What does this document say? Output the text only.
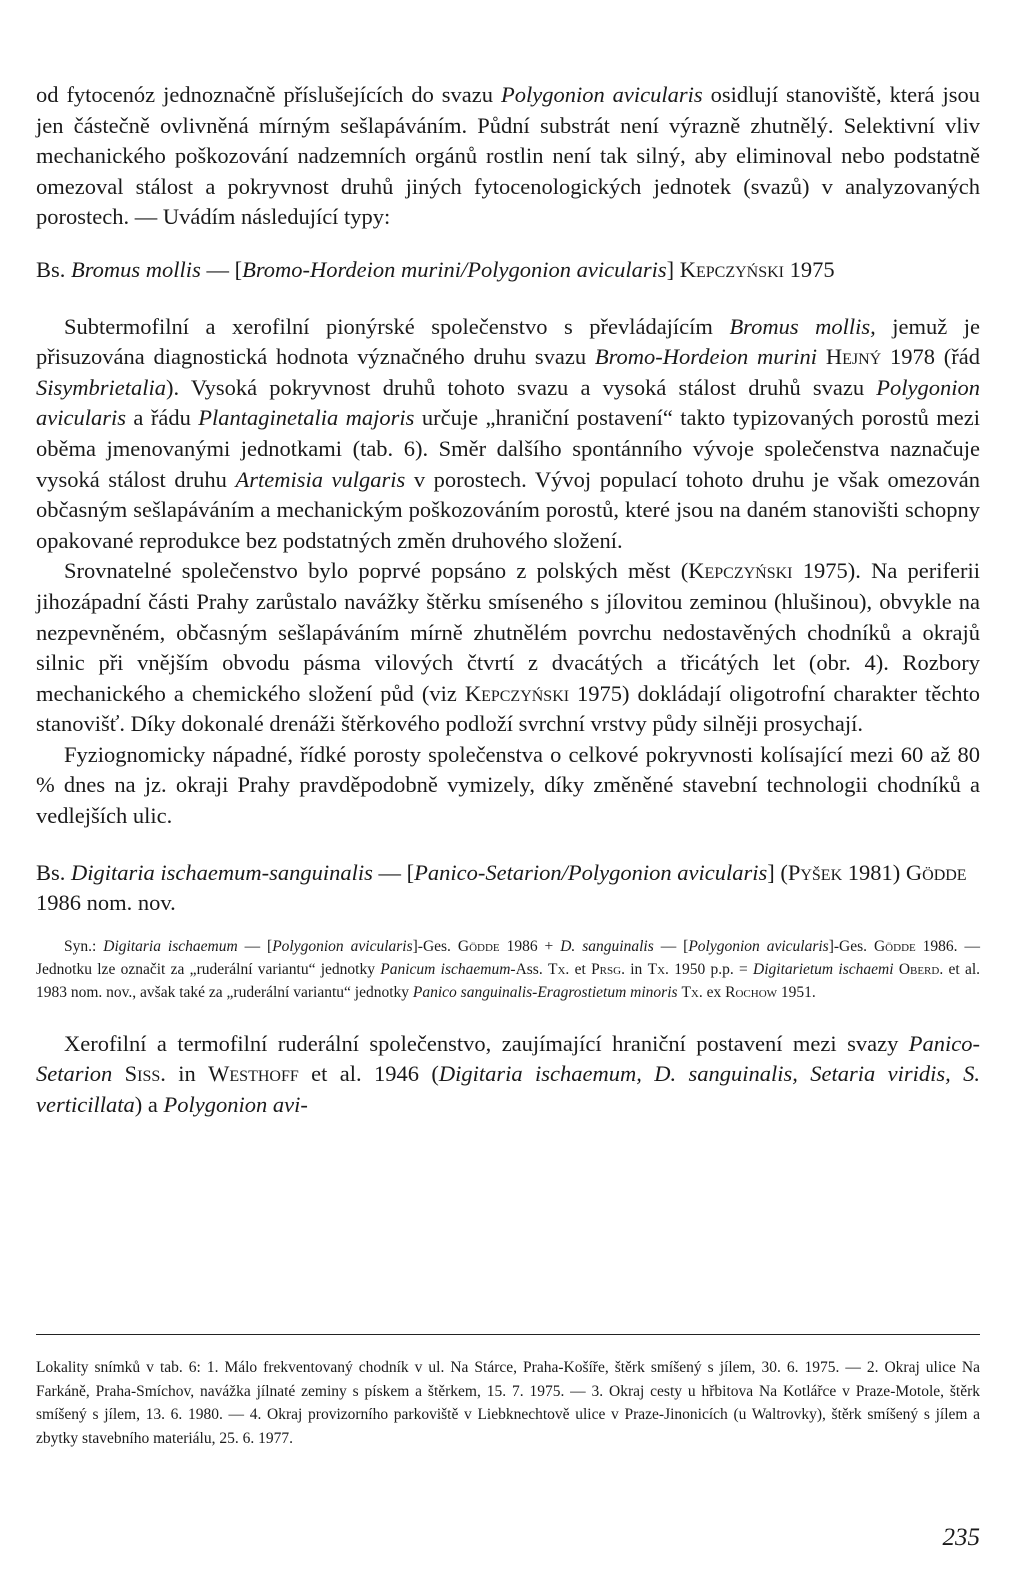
od fytocenóz jednoznačně příslušejících do svazu Polygonion avicularis osidlují stanoviště, která jsou jen částečně ovlivněná mírným sešlapáváním. Půdní substrát není výrazně zhutnělý. Selektivní vliv mechanického poškozování nadzemních orgánů rostlin není tak silný, aby eliminoval nebo podstatně omezoval stálost a pokryvnost druhů jiných fytocenologických jednotek (svazů) v analyzovaných porostech. — Uvádím následující typy:

Bs. Bromus mollis — [Bromo-Hordeion murini/Polygonion avicularis] Kepczyński 1975

Subtermofilní a xerofilní pionýrské společenstvo s převládajícím Bromus mollis, jemuž je přisuzována diagnostická hodnota význačného druhu svazu Bromo-Hordeion murini Hejný 1978 (řád Sisymbrietalia). Vysoká pokryvnost druhů tohoto svazu a vysoká stálost druhů svazu Polygonion avicularis a řádu Plantaginetalia majoris určuje „hraniční postavení“ takto typizovaných porostů mezi oběma jmenovanými jednotkami (tab. 6). Směr dalšího spontánního vývoje společenstva naznačuje vysoká stálost druhu Artemisia vulgaris v porostech. Vývoj populací tohoto druhu je však omezován občasným sešlapáváním a mechanickým poškozováním porostů, které jsou na daném stanovišti schopny opakované reprodukce bez podstatných změn druhového složení.

Srovnatelné společenstvo bylo poprvé popsáno z polských měst (Kepczyński 1975). Na periferii jihozápadní části Prahy zarůstalo navážky štěrku smíseného s jílovitou zeminou (hlušinou), obvykle na nezpevněném, občasným sešlapáváním mírně zhutnělém povrchu nedostavěných chodníků a okrajů silnic při vnějším obvodu pásma vilových čtvrtí z dvacátých a třicátých let (obr. 4). Rozbory mechanického a chemického složení půd (viz Kepczyński 1975) dokládají oligotrofní charakter těchto stanovišť. Díky dokonalé drenáži štěrkového podloží svrchní vrstvy půdy silněji prosychají.

Fyziognomicky nápadné, řídké porosty společenstva o celkové pokryvnosti kolísající mezi 60 až 80 % dnes na jz. okraji Prahy pravděpodobně vymizely, díky změněné stavební technologii chodníků a vedlejších ulic.

Bs. Digitaria ischaemum-sanguinalis — [Panico-Setarion/Polygonion avicularis] (Pyšek 1981) Gödde 1986 nom. nov.

Syn.: Digitaria ischaemum — [Polygonion avicularis]-Ges. Gödde 1986 + D. sanguinalis — [Polygonion avicularis]-Ges. Gödde 1986. — Jednotku lze označit za „ruderální variantu“ jednotky Panicum ischaemum-Ass. Tx. et Prsg. in Tx. 1950 p.p. = Digitarietum ischaemi Oberd. et al. 1983 nom. nov., avšak také za „ruderální variantu“ jednotky Panico sanguinalis-Eragrostietum minoris Tx. ex Rochow 1951.

Xerofilní a termofilní ruderální společenstvo, zaujímající hraniční postavení mezi svazy Panico-Setarion Siss. in Westhoff et al. 1946 (Digitaria ischaemum, D. sanguinalis, Setaria viridis, S. verticillata) a Polygonion avi-

Lokality snímků v tab. 6: 1. Málo frekventovaný chodník v ul. Na Stárce, Praha-Košíře, štěrk smíšený s jílem, 30. 6. 1975. — 2. Okraj ulice Na Farkáně, Praha-Smíchov, navážka jílnaté zeminy s pískem a štěrkem, 15. 7. 1975. — 3. Okraj cesty u hřbitova Na Kotlářce v Praze-Motole, štěrk smíšený s jílem, 13. 6. 1980. — 4. Okraj provizorního parkoviště v Liebknechtově ulice v Praze-Jinonicích (u Waltrovky), štěrk smíšený s jílem a zbytky stavebního materiálu, 25. 6. 1977.

235
